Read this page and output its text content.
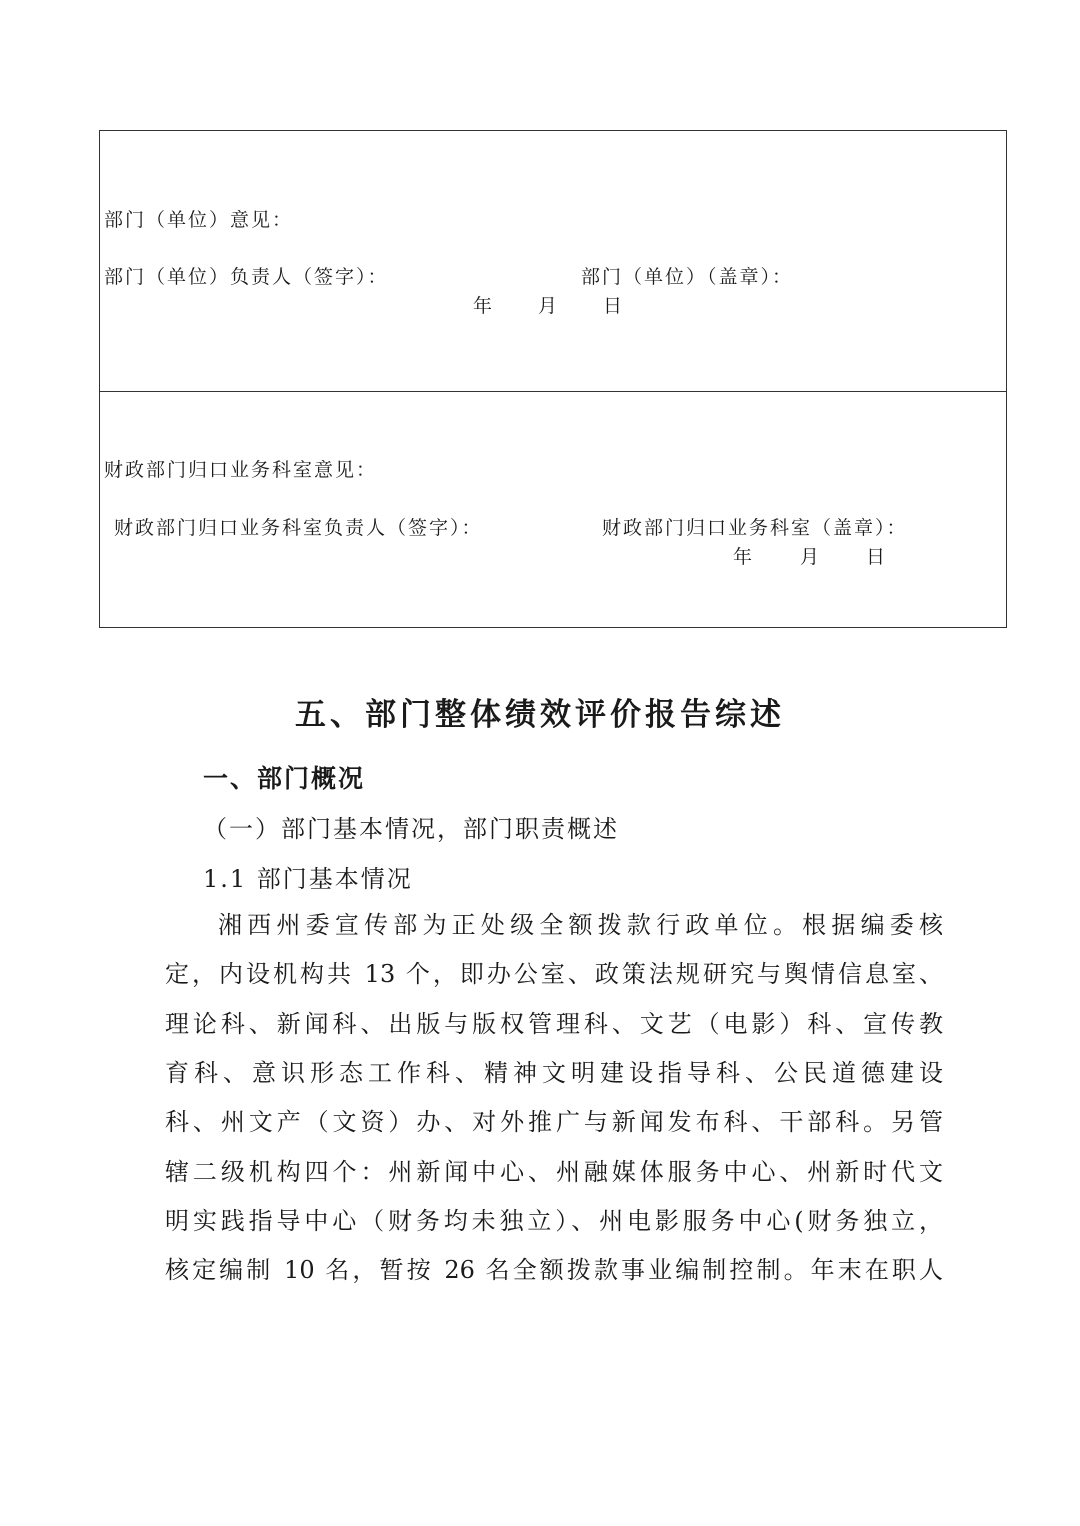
部门（单位）意见：
部门（单位）负责人（签字）：	部门（单位）（盖章）：
年 月 日
财政部门归口业务科室意见：
财政部门归口业务科室负责人（签字）：	财政部门归口业务科室（盖章）：
年	月 日
五、部门整体绩效评价报告综述
一、部门概况
（一）部门基本情况，部门职责概述
1.1 部门基本情况
湘西州委宣传部为正处级全额拨款行政单位。根据编委核
定，内设机构共 13 个，即办公室、政策法规研究与舆情信息室、
理论科、新闻科、出版与版权管理科、文艺（电影）科、宣传教
育科、意识形态工作科、精神文明建设指导科、公民道德建设
科、州文产（文资）办、对外推广与新闻发布科、干部科。另管
辖二级机构四个：州新闻中心、州融媒体服务中心、州新时代文
明实践指导中心（财务均未独立）、州电影服务中心(财务独立，
核定编制 10 名，暂按 26 名全额拨款事业编制控制。年末在职人
